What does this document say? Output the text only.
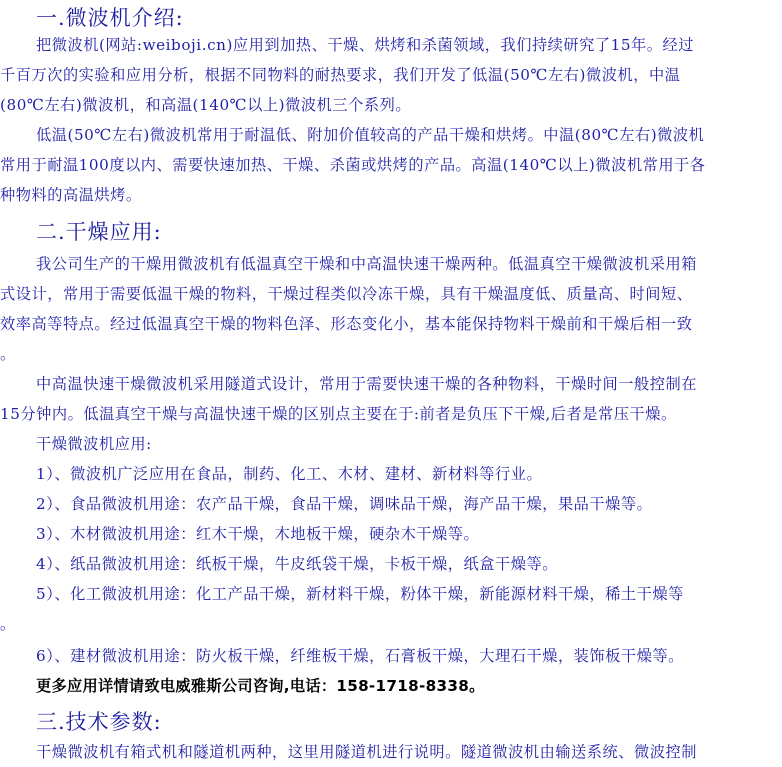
一.微波机介绍:
把微波机(网站:weiboji.cn)应用到加热、干燥、烘烤和杀菌领域，我们持续研究了15年。经过
千百万次的实验和应用分析，根据不同物料的耐热要求，我们开发了低温(50℃左右)微波机，中温
(80℃左右)微波机，和高温(140℃以上)微波机三个系列。
低温(50℃左右)微波机常用于耐温低、附加价值较高的产品干燥和烘烤。中温(80℃左右)微波机
常用于耐温100度以内、需要快速加热、干燥、杀菌或烘烤的产品。高温(140℃以上)微波机常用于各
种物料的高温烘烤。
二.干燥应用:
我公司生产的干燥用微波机有低温真空干燥和中高温快速干燥两种。低温真空干燥微波机采用箱
式设计，常用于需要低温干燥的物料，干燥过程类似冷冻干燥，具有干燥温度低、质量高、时间短、
效率高等特点。经过低温真空干燥的物料色泽、形态变化小，基本能保持物料干燥前和干燥后相一致
。
中高温快速干燥微波机采用隧道式设计，常用于需要快速干燥的各种物料，干燥时间一般控制在
15分钟内。低温真空干燥与高温快速干燥的区别点主要在于:前者是负压下干燥,后者是常压干燥。
干燥微波机应用:
1）、微波机广泛应用在食品，制药、化工、木材、建材、新材料等行业。
2）、食品微波机用途：农产品干燥，食品干燥，调味品干燥，海产品干燥，果品干燥等。
3）、木材微波机用途：红木干燥，木地板干燥，硬杂木干燥等。
4）、纸品微波机用途：纸板干燥，牛皮纸袋干燥，卡板干燥，纸盒干燥等。
5）、化工微波机用途：化工产品干燥，新材料干燥，粉体干燥，新能源材料干燥，稀土干燥等
。
6）、建材微波机用途：防火板干燥，纤维板干燥，石膏板干燥，大理石干燥，装饰板干燥等。
更多应用详情请致电威雅斯公司咨询,电话：158-1718-8338。
三.技术参数:
干燥微波机有箱式机和隧道机两种，这里用隧道机进行说明。隧道微波机由输送系统、微波控制
